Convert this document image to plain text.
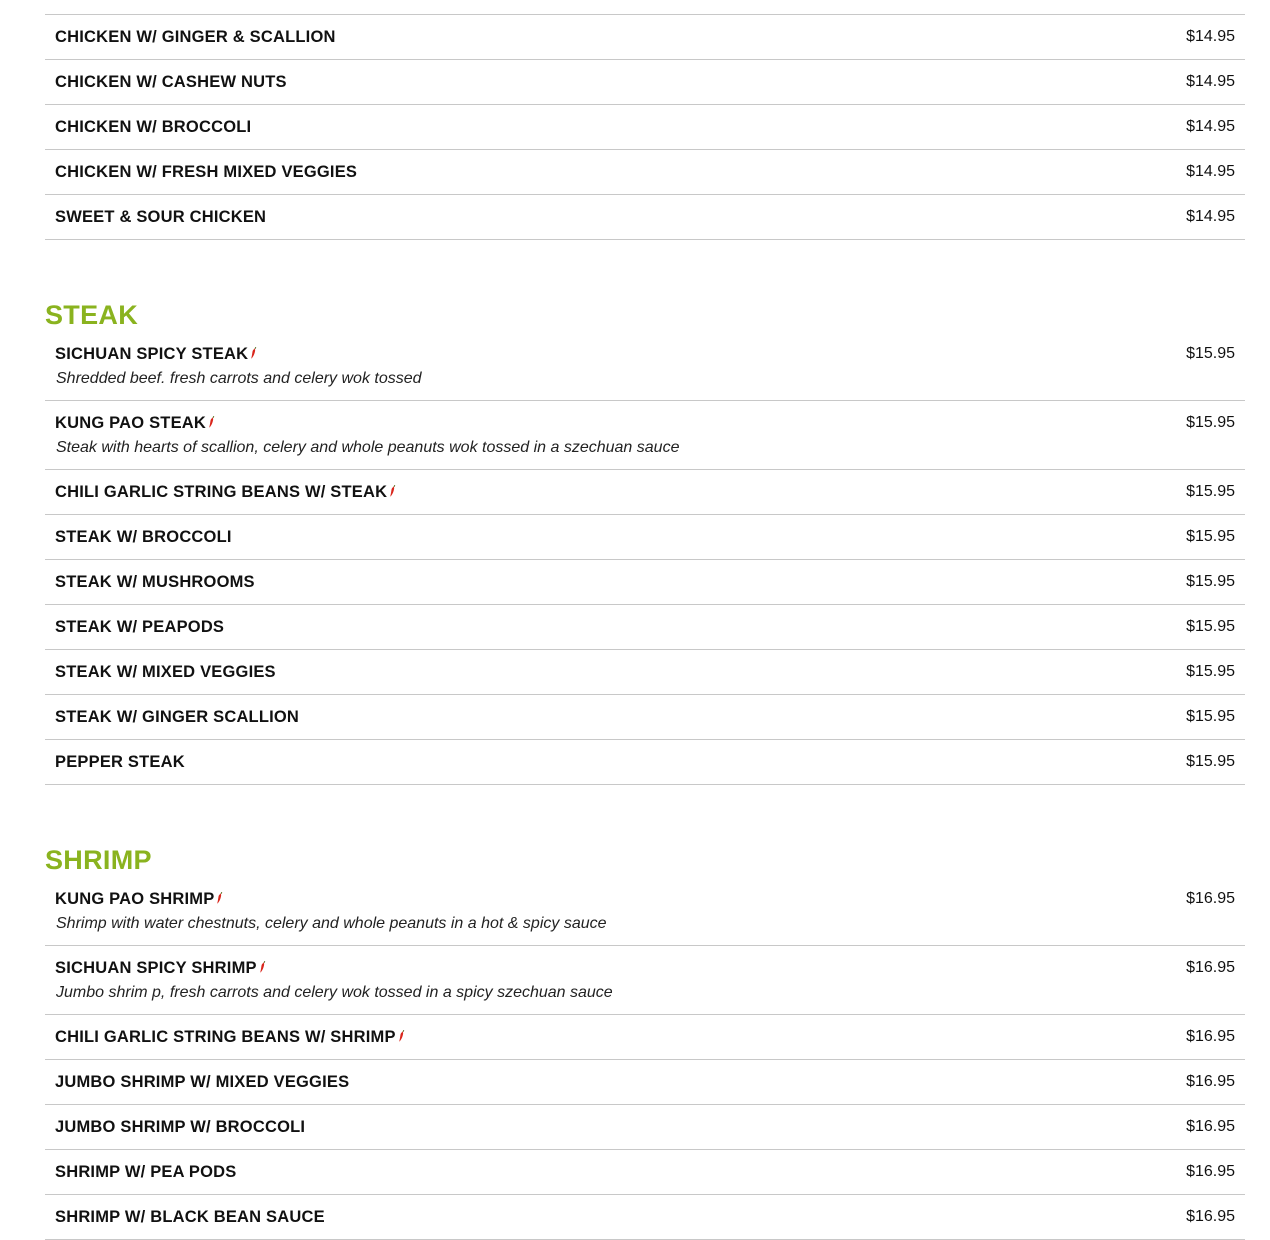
CHICKEN W/ GINGER & SCALLION	$14.95
CHICKEN W/ CASHEW NUTS	$14.95
CHICKEN W/ BROCCOLI	$14.95
CHICKEN W/ FRESH MIXED VEGGIES	$14.95
SWEET & SOUR CHICKEN	$14.95
STEAK
SICHUAN SPICY STEAK	$15.95
Shredded beef. fresh carrots and celery wok tossed
KUNG PAO STEAK	$15.95
Steak with hearts of scallion, celery and whole peanuts wok tossed in a szechuan sauce
CHILI GARLIC STRING BEANS W/ STEAK	$15.95
STEAK W/ BROCCOLI	$15.95
STEAK W/ MUSHROOMS	$15.95
STEAK W/ PEAPODS	$15.95
STEAK W/ MIXED VEGGIES	$15.95
STEAK W/ GINGER SCALLION	$15.95
PEPPER STEAK	$15.95
SHRIMP
KUNG PAO SHRIMP	$16.95
Shrimp with water chestnuts, celery and whole peanuts in a hot & spicy sauce
SICHUAN SPICY SHRIMP	$16.95
Jumbo shrim p, fresh carrots and celery wok tossed in a spicy szechuan sauce
CHILI GARLIC STRING BEANS W/ SHRIMP	$16.95
JUMBO SHRIMP W/ MIXED VEGGIES	$16.95
JUMBO SHRIMP W/ BROCCOLI	$16.95
SHRIMP W/ PEA PODS	$16.95
SHRIMP W/ BLACK BEAN SAUCE	$16.95
